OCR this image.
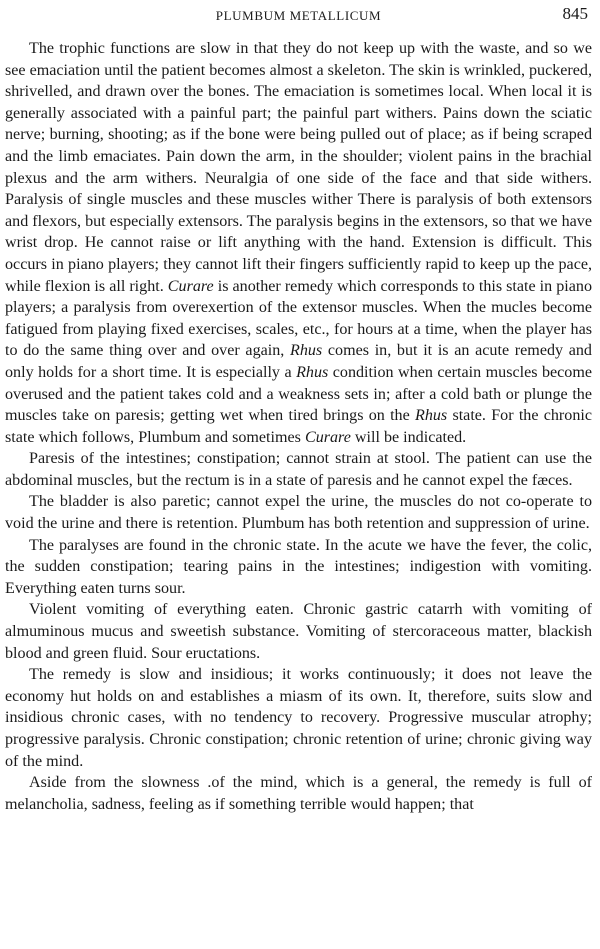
PLUMBUM METALLICUM	845

The trophic functions are slow in that they do not keep up with the waste, and so we see emaciation until the patient becomes almost a skeleton. The skin is wrinkled, puckered, shrivelled, and drawn over the bones. The emaciation is sometimes local. When local it is generally associated with a painful part; the painful part withers. Pains down the sciatic nerve; burning, shooting; as if the bone were being pulled out of place; as if being scraped and the limb emaciates. Pain down the arm, in the shoulder; violent pains in the brachial plexus and the arm withers. Neuralgia of one side of the face and that side withers. Paralysis of single muscles and these muscles wither There is paralysis of both extensors and flexors, but especially extensors. The paralysis begins in the extensors, so that we have wrist drop. He cannot raise or lift anything with the hand. Extension is difficult. This occurs in piano players; they cannot lift their fingers sufficiently rapid to keep up the pace, while flexion is all right. Curare is another remedy which corresponds to this state in piano players; a paralysis from overexertion of the extensor muscles. When the mucles become fatigued from playing fixed exercises, scales, etc., for hours at a time, when the player has to do the same thing over and over again, Rhus comes in, but it is an acute remedy and only holds for a short time. It is especially a Rhus condition when certain muscles become overused and the patient takes cold and a weakness sets in; after a cold bath or plunge the muscles take on paresis; getting wet when tired brings on the Rhus state. For the chronic state which follows, Plumbum and sometimes Curare will be indicated.

Paresis of the intestines; constipation; cannot strain at stool. The patient can use the abdominal muscles, but the rectum is in a state of paresis and he cannot expel the fæces.

The bladder is also paretic; cannot expel the urine, the muscles do not co-operate to void the urine and there is retention. Plumbum has both retention and suppression of urine.

The paralyses are found in the chronic state. In the acute we have the fever, the colic, the sudden constipation; tearing pains in the intestines; indigestion with vomiting. Everything eaten turns sour.

Violent vomiting of everything eaten. Chronic gastric catarrh with vomiting of almuminous mucus and sweetish substance. Vomiting of stercoraceous matter, blackish blood and green fluid. Sour eructations.

The remedy is slow and insidious; it works continuously; it does not leave the economy hut holds on and establishes a miasm of its own. It, therefore, suits slow and insidious chronic cases, with no tendency to recovery. Progressive muscular atrophy; progressive paralysis. Chronic constipation; chronic retention of urine; chronic giving way of the mind.

Aside from the slowness .of the mind, which is a general, the remedy is full of melancholia, sadness, feeling as if something terrible would happen; that
